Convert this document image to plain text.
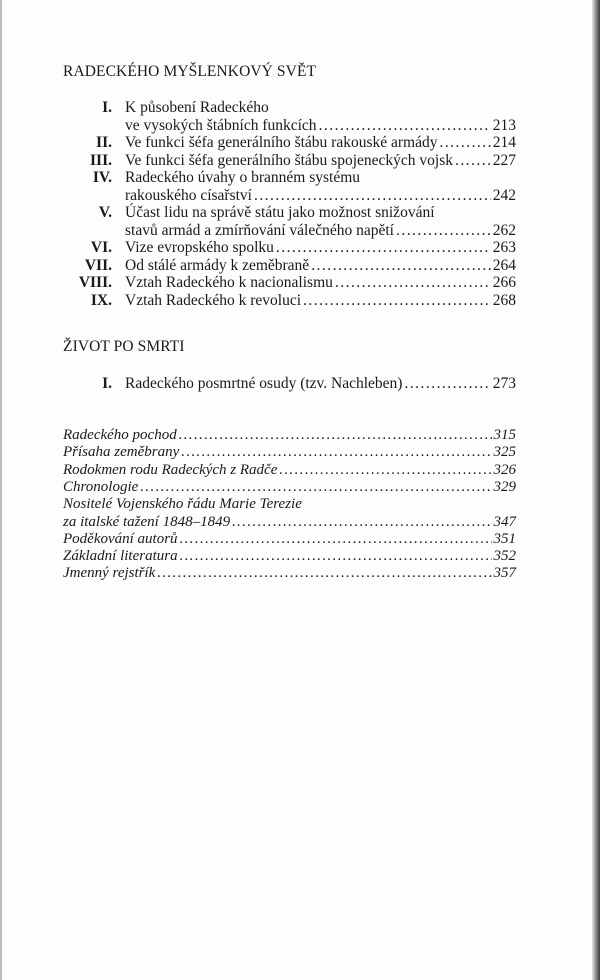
RADECKÉHO MYŠLENKOVÝ SVĚT
I. K působení Radeckého
ve vysokých štábních funkcích . . .	213
II. Ve funkci šéfa generálního štábu rakouské armády . . .	214
III. Ve funkci šéfa generálního štábu spojeneckých vojsk . . .	227
IV. Radeckého úvahy o branném systému
rakouského císařství . . .	242
V. Účast lidu na správě státu jako možnost snižování
stavů armád a zmírňování válečného napětí . . .	262
VI. Vize evropského spolku . . .	263
VII. Od stálé armády k zeměbraně . . .	264
VIII. Vztah Radeckého k nacionalismu . . .	266
IX. Vztah Radeckého k revoluci . . .	268
ŽIVOT PO SMRTI
I. Radeckého posmrtné osudy (tzv. Nachleben) . . .	273
Radeckého pochod . . .	315
Přísaha zeměbrany . . .	325
Rodokmen rodu Radeckých z Radče . . .	326
Chronologie . . .	329
Nositelé Vojenského řádu Marie Terezie
za italské tažení 1848–1849 . . .	347
Poděkování autorů . . .	351
Základní literatura . . .	352
Jmenný rejstřík . . .	357
